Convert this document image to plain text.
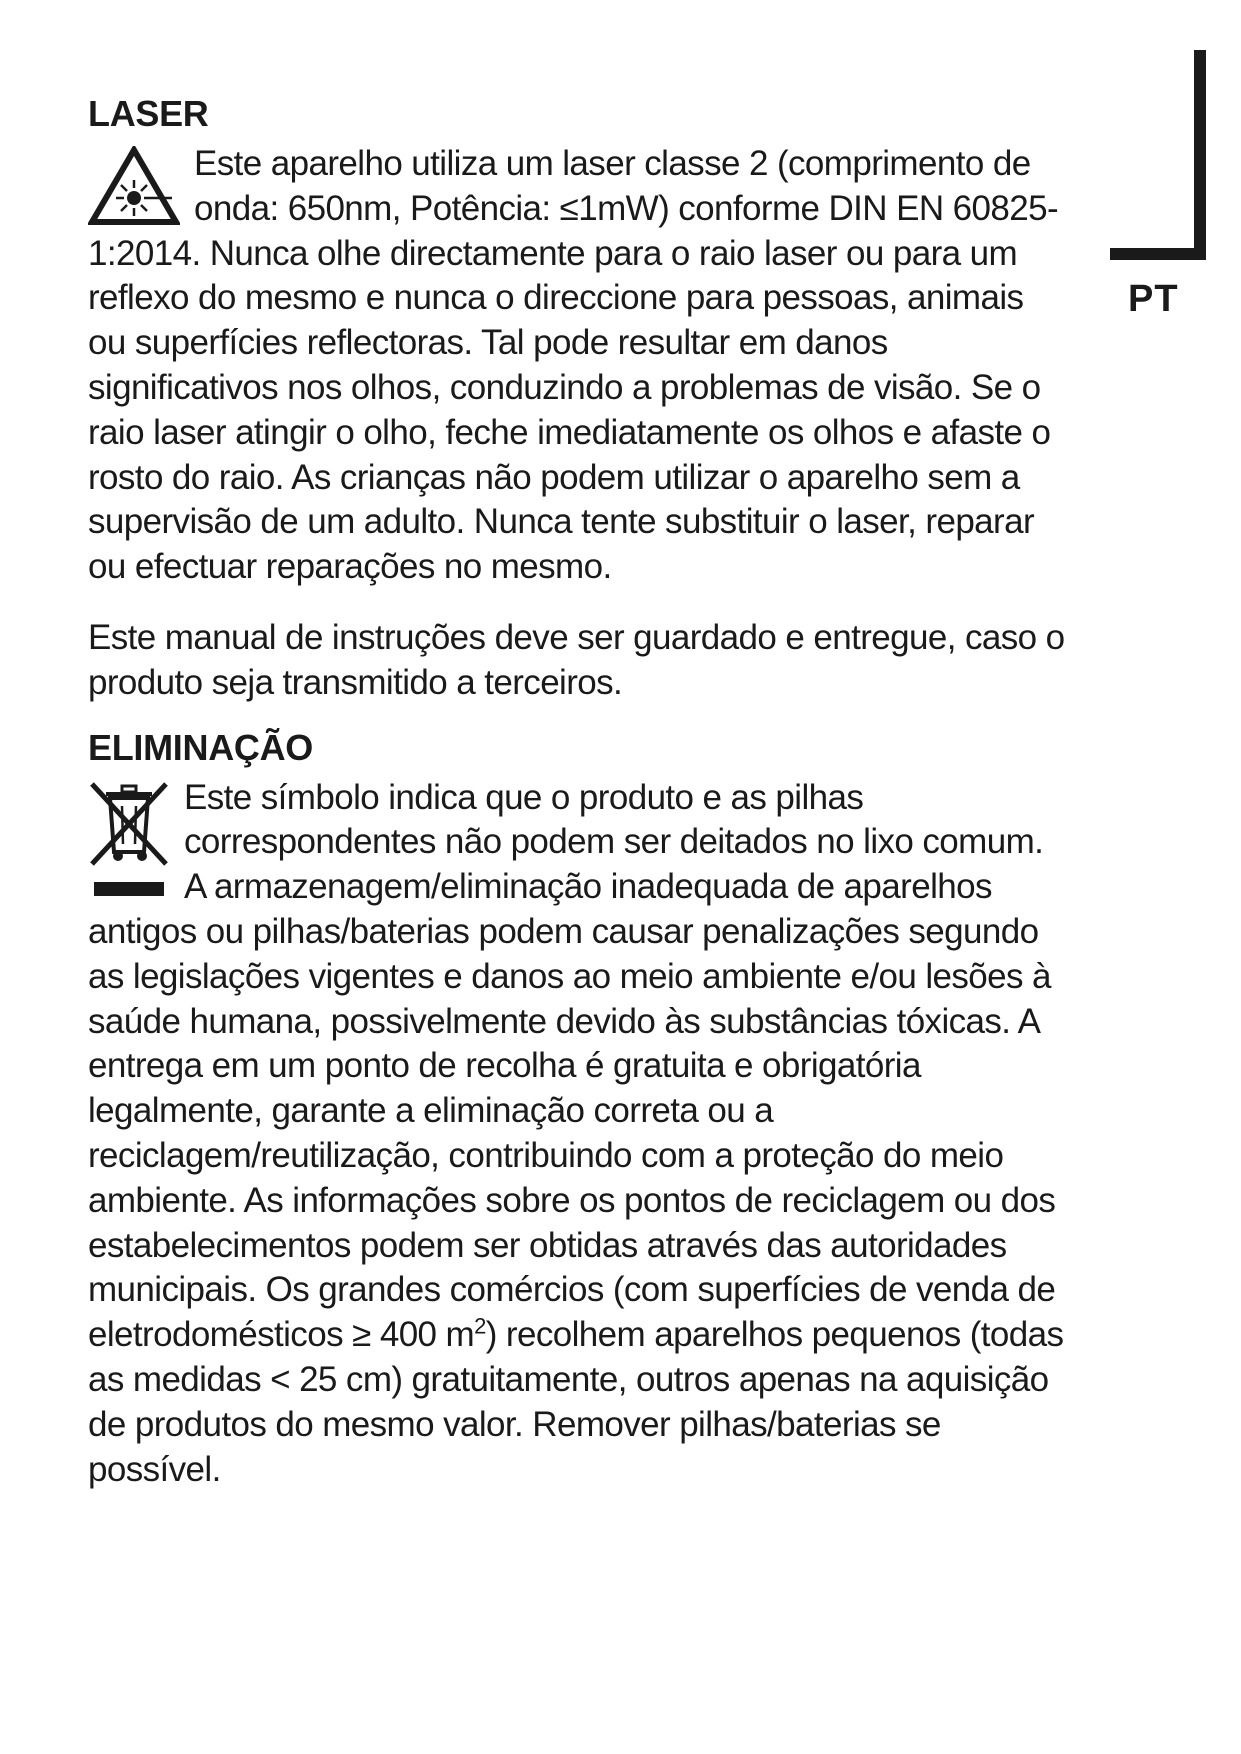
PT
LASER
Este aparelho utiliza um laser classe 2 (comprimento de onda: 650nm, Potência: ≤1mW) conforme DIN EN 60825-1:2014. Nunca olhe directamente para o raio laser ou para um reflexo do mesmo e nunca o direccione para pessoas, animais ou superfícies reflectoras. Tal pode resultar em danos significativos nos olhos, conduzindo a problemas de visão. Se o raio laser atingir o olho, feche imediatamente os olhos e afaste o rosto do raio. As crianças não podem utilizar o aparelho sem a supervisão de um adulto. Nunca tente substituir o laser, reparar ou efectuar reparações no mesmo.

Este manual de instruções deve ser guardado e entregue, caso o produto seja transmitido a terceiros.

ELIMINAÇÃO
Este símbolo indica que o produto e as pilhas correspondentes não podem ser deitados no lixo comum. A armazenagem/eliminação inadequada de aparelhos antigos ou pilhas/baterias podem causar penalizações segundo as legislações vigentes e danos ao meio ambiente e/ou lesões à saúde humana, possivelmente devido às substâncias tóxicas. A entrega em um ponto de recolha é gratuita e obrigatória legalmente, garante a eliminação correta ou a reciclagem/reutilização, contribuindo com a proteção do meio ambiente. As informações sobre os pontos de reciclagem ou dos estabelecimentos podem ser obtidas através das autoridades municipais. Os grandes comércios (com superfícies de venda de eletrodomésticos ≥ 400 $m^2$) recolhem aparelhos pequenos (todas as medidas < 25 cm) gratuitamente, outros apenas na aquisição de produtos do mesmo valor. Remover pilhas/baterias se possível.
